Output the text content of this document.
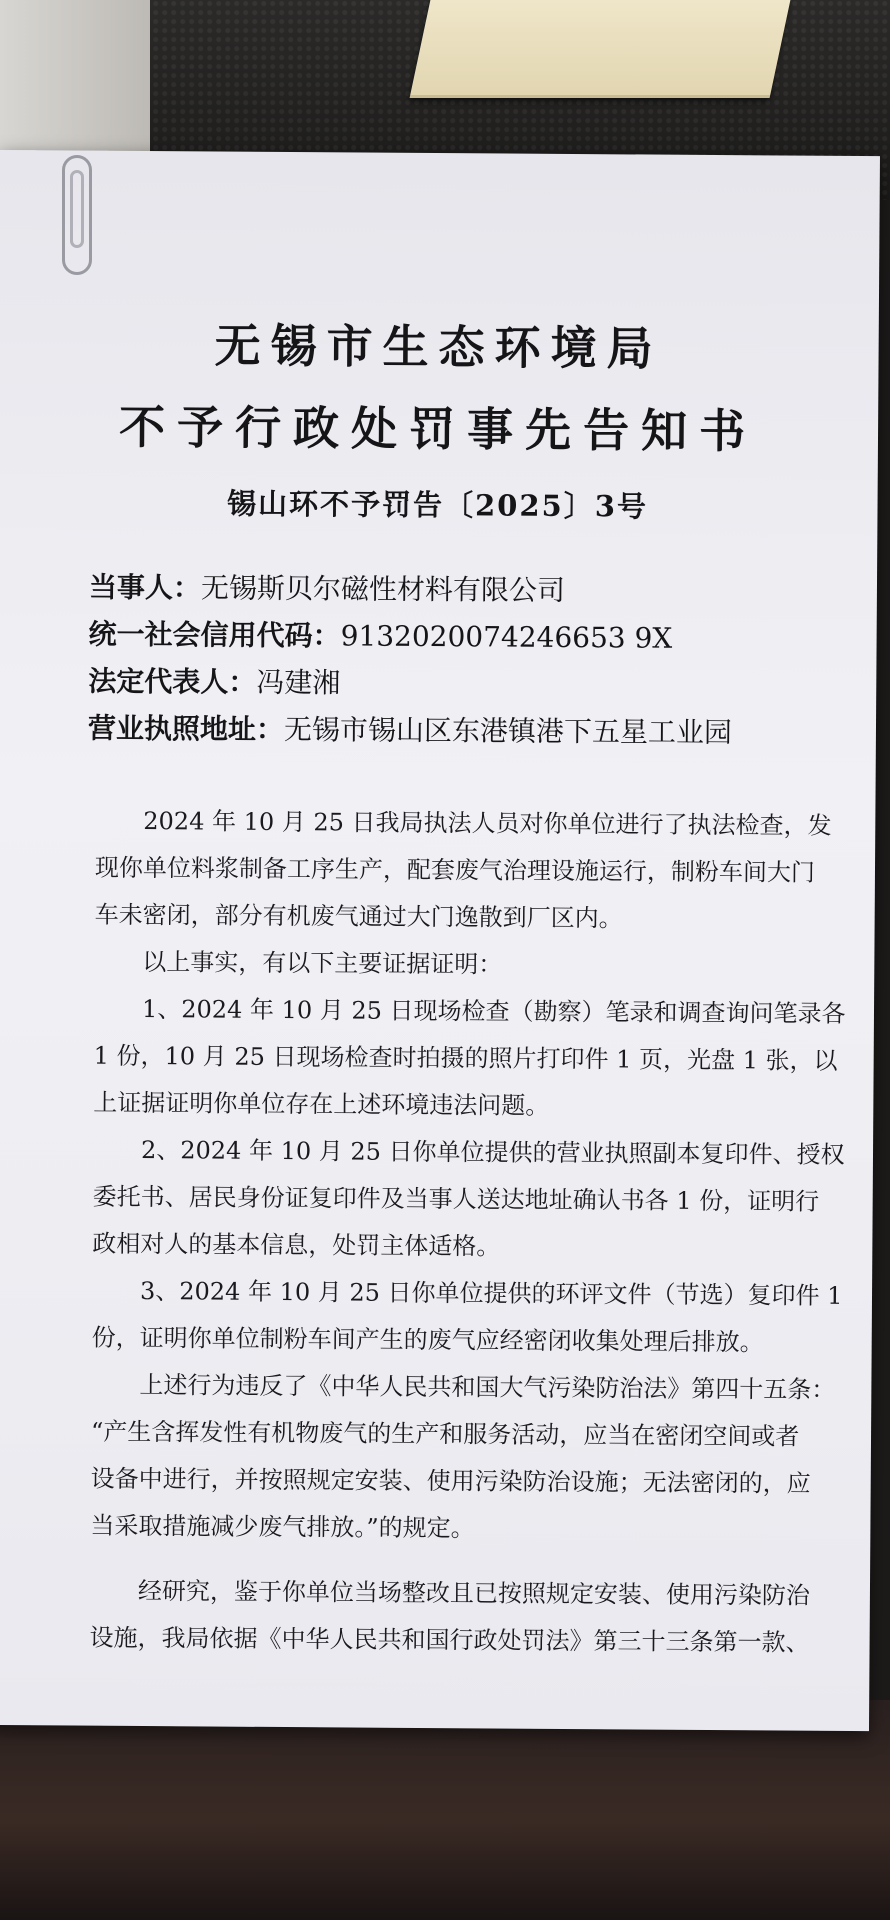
无锡市生态环境局
不予行政处罚事先告知书
锡山环不予罚告〔2025〕3号
当事人：无锡斯贝尔磁性材料有限公司
统一社会信用代码：9132020074246653 9X
法定代表人：冯建湘
营业执照地址：无锡市锡山区东港镇港下五星工业园
2024 年 10 月 25 日我局执法人员对你单位进行了执法检查，发
现你单位料浆制备工序生产，配套废气治理设施运行，制粉车间大门
车未密闭，部分有机废气通过大门逸散到厂区内。
以上事实，有以下主要证据证明：
1、2024 年 10 月 25 日现场检查（勘察）笔录和调查询问笔录各
1 份，10 月 25 日现场检查时拍摄的照片打印件 1 页，光盘 1 张，以
上证据证明你单位存在上述环境违法问题。
2、2024 年 10 月 25 日你单位提供的营业执照副本复印件、授权
委托书、居民身份证复印件及当事人送达地址确认书各 1 份，证明行
政相对人的基本信息，处罚主体适格。
3、2024 年 10 月 25 日你单位提供的环评文件（节选）复印件 1
份，证明你单位制粉车间产生的废气应经密闭收集处理后排放。
上述行为违反了《中华人民共和国大气污染防治法》第四十五条：
“产生含挥发性有机物废气的生产和服务活动，应当在密闭空间或者
设备中进行，并按照规定安装、使用污染防治设施；无法密闭的，应
当采取措施减少废气排放。”的规定。
经研究，鉴于你单位当场整改且已按照规定安装、使用污染防治
设施，我局依据《中华人民共和国行政处罚法》第三十三条第一款、
